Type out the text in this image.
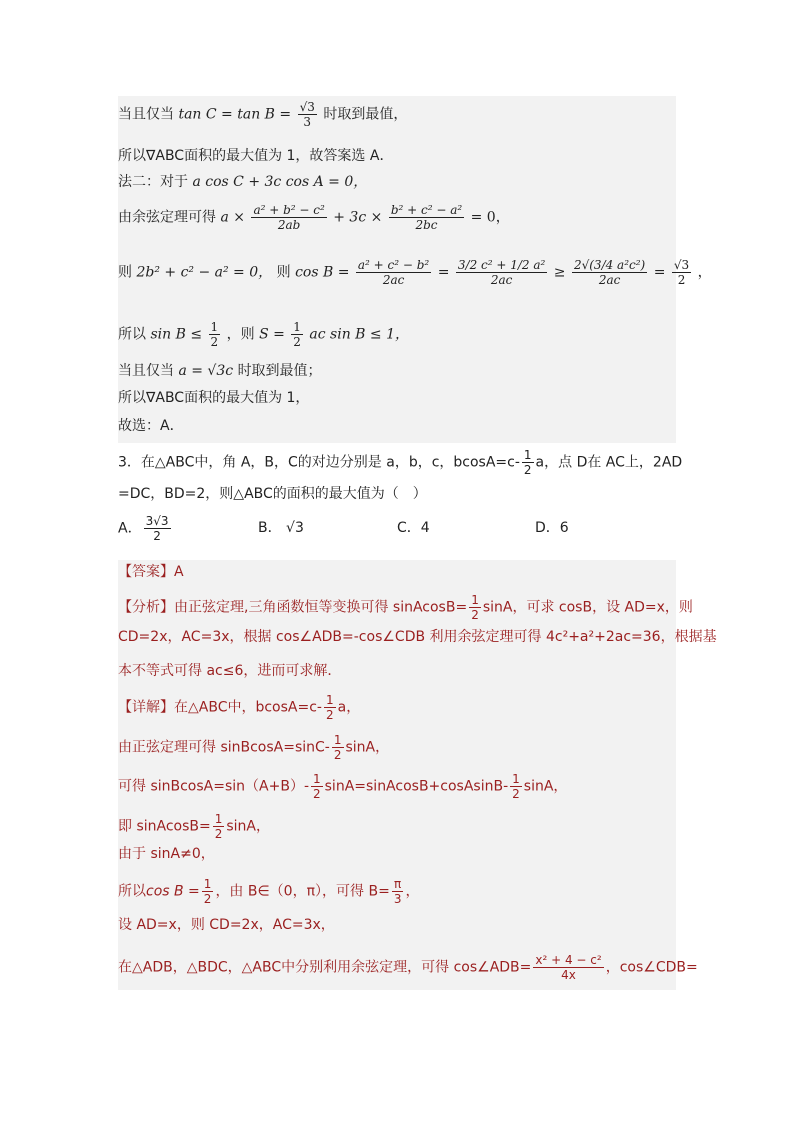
当且仅当 $\tan C = \tan B = \frac{√3}{3}$ 时取到最值，
所以∇ABC面积的最大值为 1，故答案选 A．
法二：对于 a cos C + 3c cos A = 0，
由余弦定理可得 $a \times \frac{\text{a² + b² − c²}}{2ab} + 3c \times \frac{\text{b² + c² − a²}}{2bc} = 0$，
则 2b² + c² − a² = 0， 则 $\cos B = \frac{\text{a² + c² − b²}}{2ac} = \frac{\text{3/2 c² + 1/2 a²}}{2ac} \ge \frac{\text{2√(3/4 a²c²)}}{2ac} = \frac{√3}{2}$ ，
所以 $\sin B \le \frac{1}{2}$ ，则 $S = \frac{1}{2}$ ac sin B ≤ 1，
当且仅当 a = √3c 时取到最值；
所以∇ABC面积的最大值为 1，
故选：A．
3．在△ABC中，角 A，B，C的对边分别是 a，b，c，$bcosA=c- \frac{1}{2}$ a，点 D在 AC上，2AD
=DC，BD=2，则△ABC的面积的最大值为（　）
A． $\frac{3√3}{2}$	B． √3	C．4	D．6
【答案】A
【分析】由正弦定理,三角函数恒等变换可得 sinAcosB= $\frac{1}{2}$ sinA，可求 cosB，设 AD=x，则
CD=2x，AC=3x，根据 cos∠ADB=-cos∠CDB 利用余弦定理可得 4c²+a²+2ac=36，根据基
本不等式可得 ac≤6，进而可求解．
【详解】在△ABC中，$bcosA=c- \frac{1}{2}$ a，
由正弦定理可得 sinBcosA=sinC- $\frac{1}{2}$ sinA，
可得 sinBcosA=sin（A+B）- $\frac{1}{2}$ sinA=sinAcosB+cosAsinB- $\frac{1}{2}$ sinA，
即 sinAcosB= $\frac{1}{2}$ sinA，
由于 sinA≠0，
所以$\cos B = \frac{1}{2}$ ，由 B∈（0，π），可得 $B= \frac{\pi}{3}$ ，
设 AD=x，则 CD=2x，AC=3x，
在△ADB，△BDC，△ABC中分别利用余弦定理，可得 cos∠ADB= $\frac{\text{x² + 4 − c²}}{4x}$ ，cos∠CDB=
